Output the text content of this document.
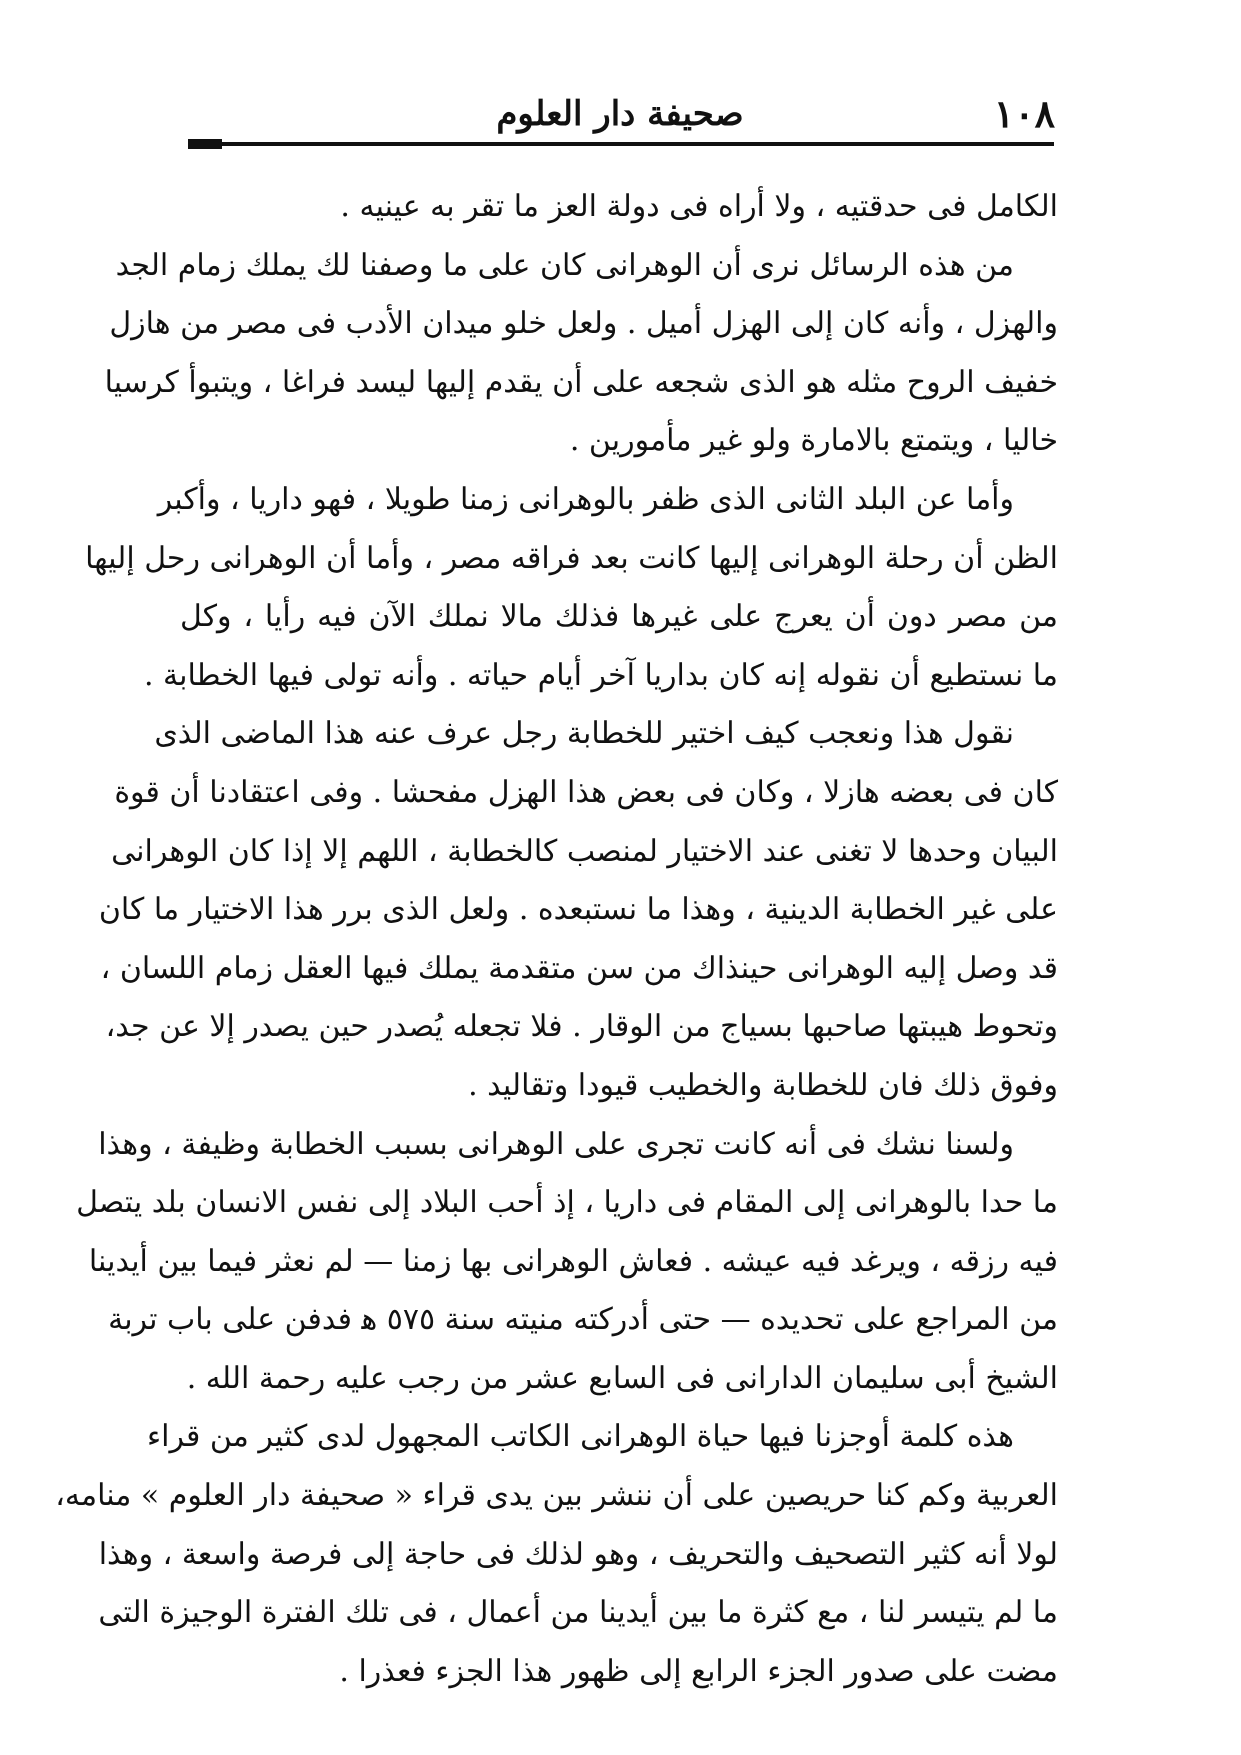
١٠٨
صحيفة دار العلوم
الكامل فى حدقتيه ، ولا أراه فى دولة العز ما تقر به عينيه .
من هذه الرسائل نرى أن الوهرانى كان على ما وصفنا لك يملك زمام الجد
والهزل ، وأنه كان إلى الهزل أميل . ولعل خلو ميدان الأدب فى مصر من هازل
خفيف الروح مثله هو الذى شجعه على أن يقدم إليها ليسد فراغا ، ويتبوأ كرسيا
خاليا ، ويتمتع بالامارة ولو غير مأمورين .
وأما عن البلد الثانى الذى ظفر بالوهرانى زمنا طويلا ، فهو داريا ، وأكبر
الظن أن رحلة الوهرانى إليها كانت بعد فراقه مصر ، وأما أن الوهرانى رحل إليها
من مصر دون أن يعرج على غيرها فذلك مالا نملك الآن فيه رأيا ، وكل
ما نستطيع أن نقوله إنه كان بداريا آخر أيام حياته . وأنه تولى فيها الخطابة .
نقول هذا ونعجب كيف اختير للخطابة رجل عرف عنه هذا الماضى الذى
كان فى بعضه هازلا ، وكان فى بعض هذا الهزل مفحشا . وفى اعتقادنا أن قوة
البيان وحدها لا تغنى عند الاختيار لمنصب كالخطابة ، اللهم إلا إذا كان الوهرانى
على غير الخطابة الدينية ، وهذا ما نستبعده . ولعل الذى برر هذا الاختيار ما كان
قد وصل إليه الوهرانى حينذاك من سن متقدمة يملك فيها العقل زمام اللسان ،
وتحوط هيبتها صاحبها بسياج من الوقار . فلا تجعله يُصدر حين يصدر إلا عن جد،
وفوق ذلك فان للخطابة والخطيب قيودا وتقاليد .
ولسنا نشك فى أنه كانت تجرى على الوهرانى بسبب الخطابة وظيفة ، وهذا
ما حدا بالوهرانى إلى المقام فى داريا ، إذ أحب البلاد إلى نفس الانسان بلد يتصل
فيه رزقه ، ويرغد فيه عيشه . فعاش الوهرانى بها زمنا — لم نعثر فيما بين أيدينا
من المراجع على تحديده — حتى أدركته منيته سنة ٥٧٥ ﻫ فدفن على باب تربة
الشيخ أبى سليمان الدارانى فى السابع عشر من رجب عليه رحمة الله .
هذه كلمة أوجزنا فيها حياة الوهرانى الكاتب المجهول لدى كثير من قراء
العربية وكم كنا حريصين على أن ننشر بين يدى قراء « صحيفة دار العلوم » منامه،
لولا أنه كثير التصحيف والتحريف ، وهو لذلك فى حاجة إلى فرصة واسعة ، وهذا
ما لم يتيسر لنا ، مع كثرة ما بين أيدينا من أعمال ، فى تلك الفترة الوجيزة التى
مضت على صدور الجزء الرابع إلى ظهور هذا الجزء فعذرا .
